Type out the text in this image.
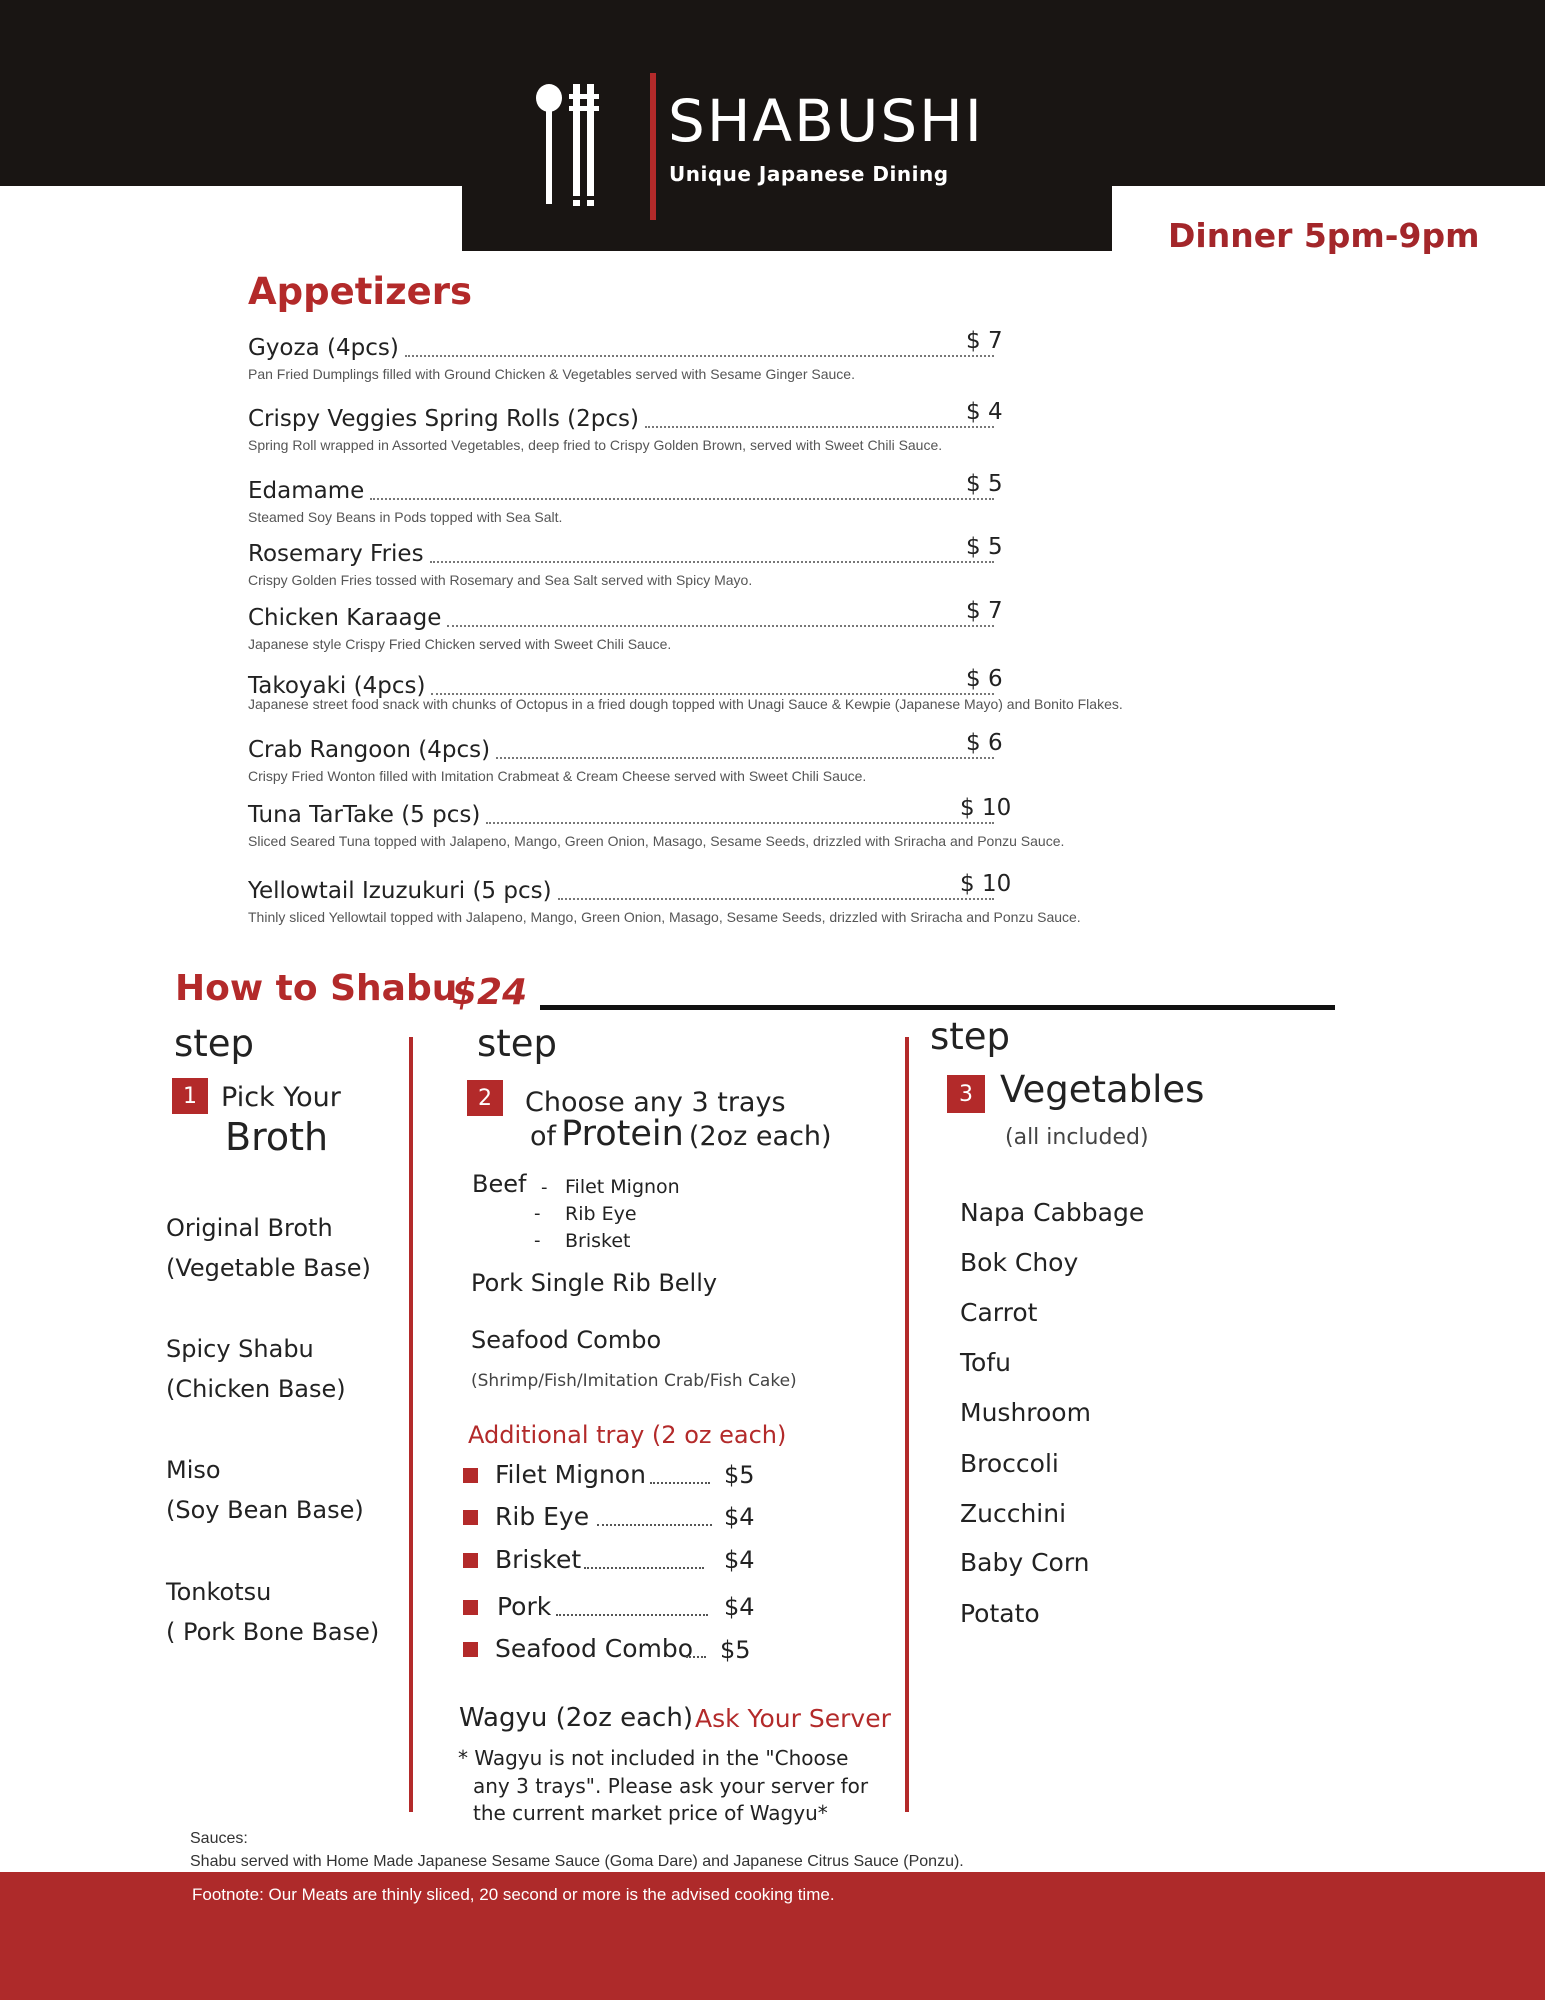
SHABUSHI
Unique Japanese Dining
Dinner 5pm-9pm
Appetizers
Gyoza (4pcs)	$ 7
Pan Fried Dumplings filled with Ground Chicken & Vegetables served with Sesame Ginger Sauce.
Crispy Veggies Spring Rolls (2pcs)	$ 4
Spring Roll wrapped in Assorted Vegetables, deep fried to Crispy Golden Brown, served with Sweet Chili Sauce.
Edamame	$ 5
Steamed Soy Beans in Pods topped with Sea Salt.
Rosemary Fries	$ 5
Crispy Golden Fries tossed with Rosemary and Sea Salt served with Spicy Mayo.
Chicken Karaage	$ 7
Japanese style Crispy Fried Chicken served with Sweet Chili Sauce.
Takoyaki (4pcs)	$ 6
Japanese street food snack with chunks of Octopus in a fried dough topped with Unagi Sauce & Kewpie (Japanese Mayo) and Bonito Flakes.
Crab Rangoon (4pcs)	$ 6
Crispy Fried Wonton filled with Imitation Crabmeat & Cream Cheese served with Sweet Chili Sauce.
Tuna TarTake (5 pcs)	$ 10
Sliced Seared Tuna topped with Jalapeno, Mango, Green Onion, Masago, Sesame Seeds, drizzled with Sriracha and Ponzu Sauce.
Yellowtail Izuzukuri (5 pcs)	$ 10
Thinly sliced Yellowtail topped with Jalapeno, Mango, Green Onion, Masago, Sesame Seeds, drizzled with Sriracha and Ponzu Sauce.
How to Shabu
$24
step
1 Pick Your
Broth
Original Broth
(Vegetable Base)
Spicy Shabu
(Chicken Base)
Miso
(Soy Bean Base)
Tonkotsu
( Pork Bone Base)
step
2	Choose any 3 trays
of Protein (2oz each)
Beef -
-
-
Filet Mignon
Rib Eye
Brisket
Pork Single Rib Belly
Seafood Combo
(Shrimp/Fish/Imitation Crab/Fish Cake)
Additional tray (2 oz each)
Filet Mignon	$5
Rib Eye	$4
Brisket	$4
Pork	$4
Seafood Combo $5
Wagyu (2oz each) Ask Your Server
* Wagyu is not included in the "Choose
any 3 trays". Please ask your server for
the current market price of Wagyu*
step
3 Vegetables
(all included)
Napa Cabbage
Bok Choy
Carrot
Tofu
Mushroom
Broccoli
Zucchini
Baby Corn
Potato
Sauces:
Shabu served with Home Made Japanese Sesame Sauce (Goma Dare) and Japanese Citrus Sauce (Ponzu).
Footnote: Our Meats are thinly sliced, 20 second or more is the advised cooking time.
